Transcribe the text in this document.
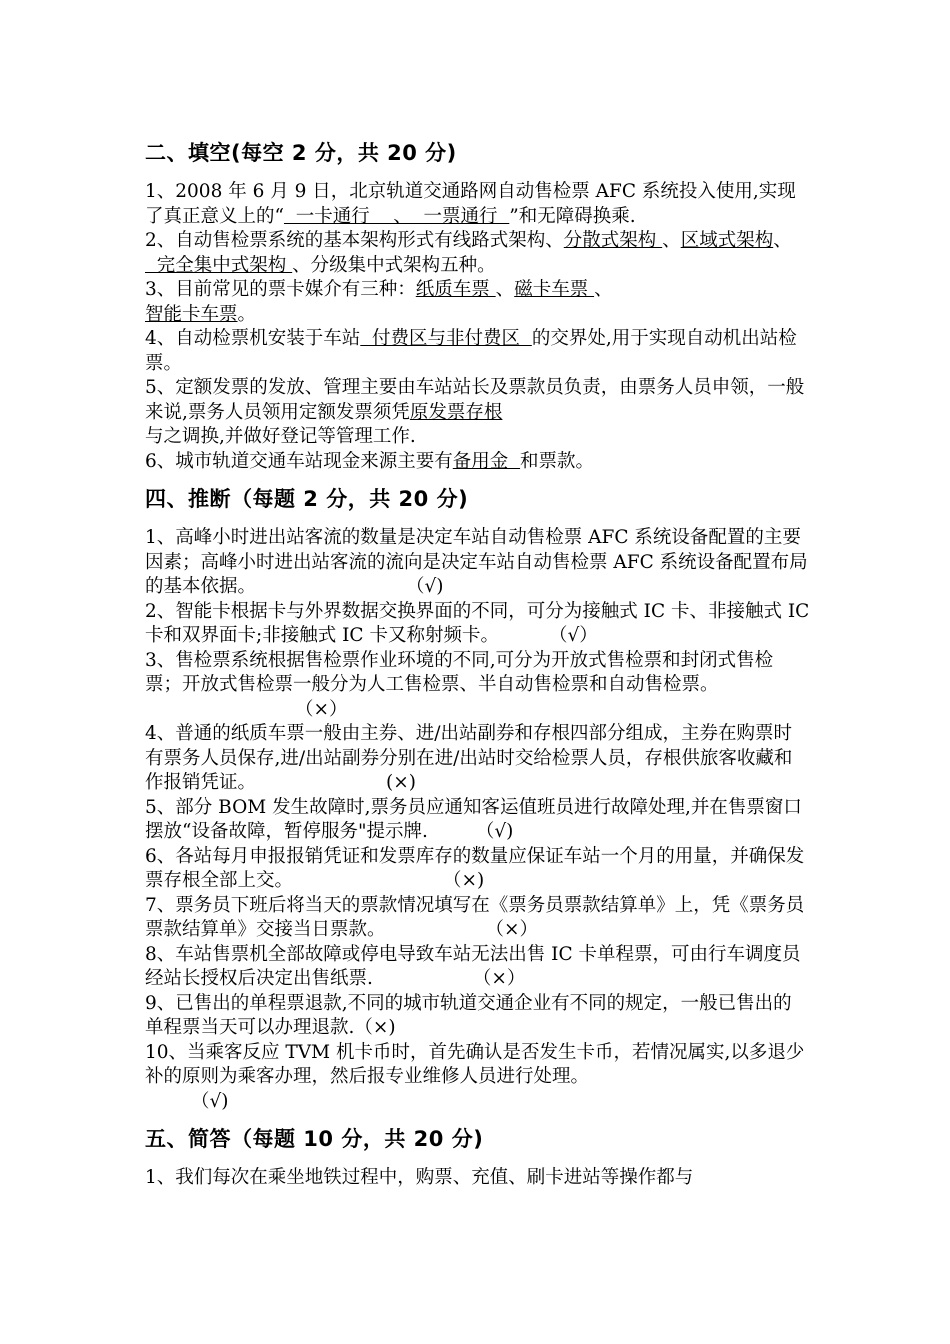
二、填空(每空 2 分，共 20 分)

1、2008 年 6 月 9 日，北京轨道交通路网自动售检票 AFC 系统投入使用,实现了真正意义上的“  一卡通行    、  一票通行  ”和无障碍换乘.

2、自动售检票系统的基本架构形式有线路式架构、分散式架构 、区域式架构、  完全集中式架构 、分级集中式架构五种。

3、目前常见的票卡媒介有三种：纸质车票 、磁卡车票 、
智能卡车票。

4、自动检票机安装于车站  付费区与非付费区  的交界处,用于实现自动机出站检票。

5、定额发票的发放、管理主要由车站站长及票款员负责，由票务人员申领，一般来说,票务人员领用定额发票须凭原发票存根
与之调换,并做好登记等管理工作.

6、城市轨道交通车站现金来源主要有备用金  和票款。

四、推断（每题 2 分，共 20 分)

1、高峰小时进出站客流的数量是决定车站自动售检票 AFC 系统设备配置的主要因素；高峰小时进出站客流的流向是决定车站自动售检票 AFC 系统设备配置布局的基本依据。	（√)

2、智能卡根据卡与外界数据交换界面的不同，可分为接触式 IC 卡、非接触式 IC 卡和双界面卡;非接触式 IC 卡又称射频卡。	（√）

3、售检票系统根据售检票作业环境的不同,可分为开放式售检票和封闭式售检票；开放式售检票一般分为人工售检票、半自动售检票和自动售检票。（×）

4、普通的纸质车票一般由主券、进/出站副券和存根四部分组成，主券在购票时有票务人员保存,进/出站副券分别在进/出站时交给检票人员，存根供旅客收藏和作报销凭证。	(×)

5、部分 BOM 发生故障时,票务员应通知客运值班员进行故障处理,并在售票窗口摆放“设备故障，暂停服务"提示牌.	（√)

6、各站每月申报报销凭证和发票库存的数量应保证车站一个月的用量，并确保发票存根全部上交。	（×)

7、票务员下班后将当天的票款情况填写在《票务员票款结算单》上，凭《票务员票款结算单》交接当日票款。	（×）

8、车站售票机全部故障或停电导致车站无法出售 IC 卡单程票，可由行车调度员经站长授权后决定出售纸票.	（×）

9、已售出的单程票退款,不同的城市轨道交通企业有不同的规定，一般已售出的单程票当天可以办理退款.（×)

10、当乘客反应 TVM 机卡币时，首先确认是否发生卡币，若情况属实,以多退少补的原则为乘客办理，然后报专业维修人员进行处理。
（√)

五、简答（每题 10 分，共 20 分)

1、我们每次在乘坐地铁过程中，购票、充值、刷卡进站等操作都与
